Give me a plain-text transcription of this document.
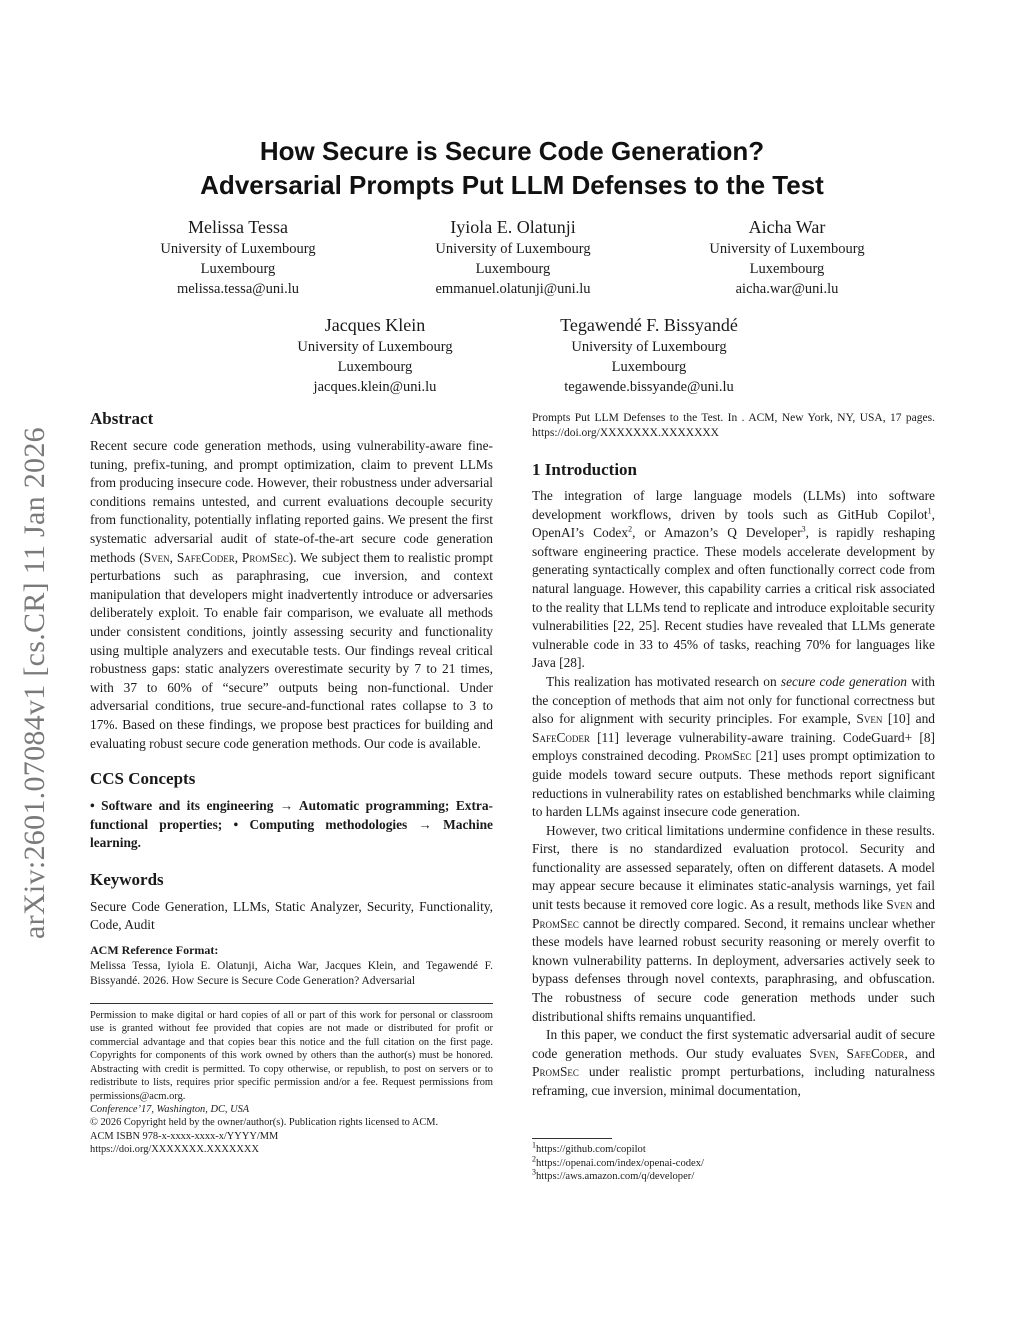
arXiv:2601.07084v1 [cs.CR] 11 Jan 2026
How Secure is Secure Code Generation?
Adversarial Prompts Put LLM Defenses to the Test
Melissa Tessa
University of Luxembourg
Luxembourg
melissa.tessa@uni.lu
Iyiola E. Olatunji
University of Luxembourg
Luxembourg
emmanuel.olatunji@uni.lu
Aicha War
University of Luxembourg
Luxembourg
aicha.war@uni.lu
Jacques Klein
University of Luxembourg
Luxembourg
jacques.klein@uni.lu
Tegawendé F. Bissyandé
University of Luxembourg
Luxembourg
tegawende.bissyande@uni.lu
Abstract

Recent secure code generation methods, using vulnerability-aware fine-tuning, prefix-tuning, and prompt optimization, claim to prevent LLMs from producing insecure code. However, their robustness under adversarial conditions remains untested, and current evaluations decouple security from functionality, potentially inflating reported gains. We present the first systematic adversarial audit of state-of-the-art secure code generation methods (Sven, SafeCoder, PromSec). We subject them to realistic prompt perturbations such as paraphrasing, cue inversion, and context manipulation that developers might inadvertently introduce or adversaries deliberately exploit. To enable fair comparison, we evaluate all methods under consistent conditions, jointly assessing security and functionality using multiple analyzers and executable tests. Our findings reveal critical robustness gaps: static analyzers overestimate security by 7 to 21 times, with 37 to 60% of “secure” outputs being non-functional. Under adversarial conditions, true secure-and-functional rates collapse to 3 to 17%. Based on these findings, we propose best practices for building and evaluating robust secure code generation methods. Our code is available.

CCS Concepts

• Software and its engineering → Automatic programming; Extra-functional properties; • Computing methodologies → Machine learning.

Keywords

Secure Code Generation, LLMs, Static Analyzer, Security, Functionality, Code, Audit

ACM Reference Format:

Melissa Tessa, Iyiola E. Olatunji, Aicha War, Jacques Klein, and Tegawendé F. Bissyandé. 2026. How Secure is Secure Code Generation? Adversarial

Permission to make digital or hard copies of all or part of this work for personal or classroom use is granted without fee provided that copies are not made or distributed for profit or commercial advantage and that copies bear this notice and the full citation on the first page. Copyrights for components of this work owned by others than the author(s) must be honored. Abstracting with credit is permitted. To copy otherwise, or republish, to post on servers or to redistribute to lists, requires prior specific permission and/or a fee. Request permissions from permissions@acm.org.

Conference’17, Washington, DC, USA

© 2026 Copyright held by the owner/author(s). Publication rights licensed to ACM.

ACM ISBN 978-x-xxxx-xxxx-x/YYYY/MM

https://doi.org/XXXXXXX.XXXXXXX

Prompts Put LLM Defenses to the Test. In . ACM, New York, NY, USA, 17 pages. https://doi.org/XXXXXXX.XXXXXXX

1 Introduction

The integration of large language models (LLMs) into software development workflows, driven by tools such as GitHub Copilot$^1$, OpenAI’s Codex$^2$, or Amazon’s Q Developer$^3$, is rapidly reshaping software engineering practice. These models accelerate development by generating syntactically complex and often functionally correct code from natural language. However, this capability carries a critical risk associated to the reality that LLMs tend to replicate and introduce exploitable security vulnerabilities [22, 25]. Recent studies have revealed that LLMs generate vulnerable code in 33 to 45% of tasks, reaching 70% for languages like Java [28].

This realization has motivated research on secure code generation with the conception of methods that aim not only for functional correctness but also for alignment with security principles. For example, Sven [10] and SafeCoder [11] leverage vulnerability-aware training. CodeGuard+ [8] employs constrained decoding. PromSec [21] uses prompt optimization to guide models toward secure outputs. These methods report significant reductions in vulnerability rates on established benchmarks while claiming to harden LLMs against insecure code generation.

However, two critical limitations undermine confidence in these results. First, there is no standardized evaluation protocol. Security and functionality are assessed separately, often on different datasets. A model may appear secure because it eliminates static-analysis warnings, yet fail unit tests because it removed core logic. As a result, methods like Sven and PromSec cannot be directly compared. Second, it remains unclear whether these models have learned robust security reasoning or merely overfit to known vulnerability patterns. In deployment, adversaries actively seek to bypass defenses through novel contexts, paraphrasing, and obfuscation. The robustness of secure code generation methods under such distributional shifts remains unquantified.

In this paper, we conduct the first systematic adversarial audit of secure code generation methods. Our study evaluates Sven, SafeCoder, and PromSec under realistic prompt perturbations, including naturalness reframing, cue inversion, minimal documentation,

$^1$https://github.com/copilot
$^2$https://openai.com/index/openai-codex/
$^3$https://aws.amazon.com/q/developer/
